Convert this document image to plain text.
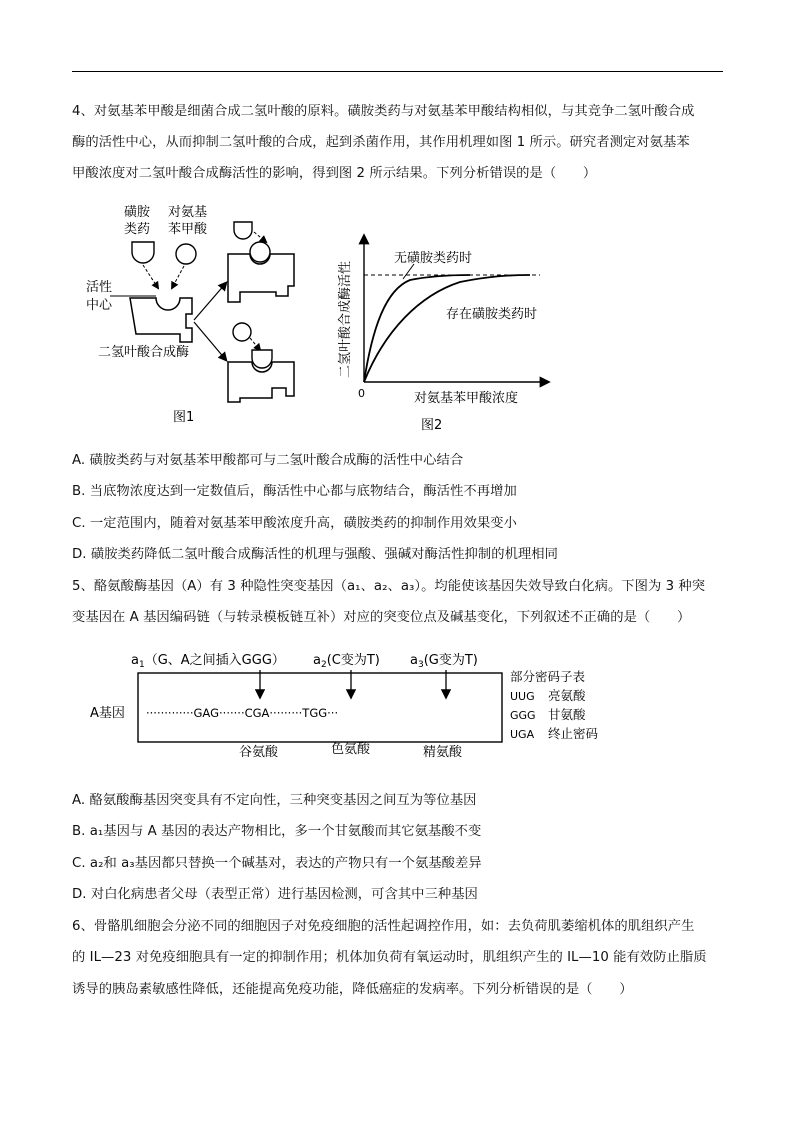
4、对氨基苯甲酸是细菌合成二氢叶酸的原料。磺胺类药与对氨基苯甲酸结构相似，与其竞争二氢叶酸合成
酶的活性中心，从而抑制二氢叶酸的合成，起到杀菌作用，其作用机理如图 1 所示。研究者测定对氨基苯
甲酸浓度对二氢叶酸合成酶活性的影响，得到图 2 所示结果。下列分析错误的是（　　）
磺胺
类药
对氨基
苯甲酸
活性
中心
二氢叶酸合成酶
图1
二氢叶酸合成酶活性
对氨基苯甲酸浓度
0
无磺胺类药时
存在磺胺类药时
图2
A. 磺胺类药与对氨基苯甲酸都可与二氢叶酸合成酶的活性中心结合
B. 当底物浓度达到一定数值后，酶活性中心都与底物结合，酶活性不再增加
C. 一定范围内，随着对氨基苯甲酸浓度升高，磺胺类药的抑制作用效果变小
D. 磺胺类药降低二氢叶酸合成酶活性的机理与强酸、强碱对酶活性抑制的机理相同
5、酪氨酸酶基因（A）有 3 种隐性突变基因（a₁、a₂、a₃）。均能使该基因失效导致白化病。下图为 3 种突
变基因在 A 基因编码链（与转录模板链互补）对应的突变位点及碱基变化，下列叙述不正确的是（　　）
$a_1(G$、A之间插入GGG） $a_2(C$变为T) $a_3(G$变为T)
A基因 ·············GAG·······CGA·········TGG···
谷氨酸	色氨酸	精氨酸
部分密码子表
UUG 亮氨酸
GGG 甘氨酸
UGA 终止密码
A. 酪氨酸酶基因突变具有不定向性，三种突变基因之间互为等位基因
B. a₁基因与 A 基因的表达产物相比，多一个甘氨酸而其它氨基酸不变
C. a₂和 a₃基因都只替换一个碱基对，表达的产物只有一个氨基酸差异
D. 对白化病患者父母（表型正常）进行基因检测，可含其中三种基因
6、骨骼肌细胞会分泌不同的细胞因子对免疫细胞的活性起调控作用，如：去负荷肌萎缩机体的肌组织产生
的 IL—23 对免疫细胞具有一定的抑制作用；机体加负荷有氧运动时，肌组织产生的 IL—10 能有效防止脂质
诱导的胰岛素敏感性降低，还能提高免疫功能，降低癌症的发病率。下列分析错误的是（　　）
